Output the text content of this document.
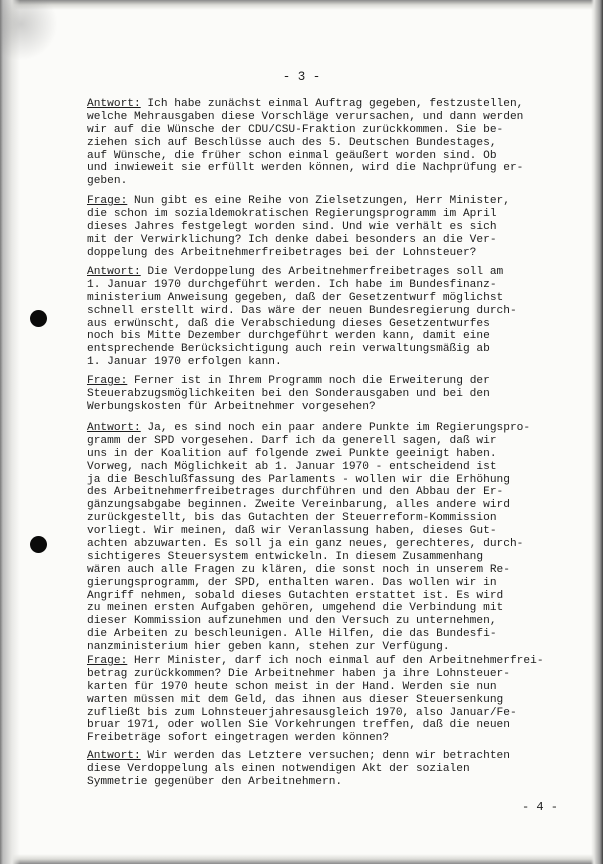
- 3 -
Antwort: Ich habe zunächst einmal Auftrag gegeben, festzustellen,
welche Mehrausgaben diese Vorschläge verursachen, und dann werden
wir auf die Wünsche der CDU/CSU-Fraktion zurückkommen. Sie be-
ziehen sich auf Beschlüsse auch des 5. Deutschen Bundestages,
auf Wünsche, die früher schon einmal geäußert worden sind. Ob
und inwieweit sie erfüllt werden können, wird die Nachprüfung er-
geben.
Frage: Nun gibt es eine Reihe von Zielsetzungen, Herr Minister,
die schon im sozialdemokratischen Regierungsprogramm im April
dieses Jahres festgelegt worden sind. Und wie verhält es sich
mit der Verwirklichung? Ich denke dabei besonders an die Ver-
doppelung des Arbeitnehmerfreibetrages bei der Lohnsteuer?
Antwort: Die Verdoppelung des Arbeitnehmerfreibetrages soll am
1. Januar 1970 durchgeführt werden. Ich habe im Bundesfinanz-
ministerium Anweisung gegeben, daß der Gesetzentwurf möglichst
schnell erstellt wird. Das wäre der neuen Bundesregierung durch-
aus erwünscht, daß die Verabschiedung dieses Gesetzentwurfes
noch bis Mitte Dezember durchgeführt werden kann, damit eine
entsprechende Berücksichtigung auch rein verwaltungsmäßig ab
1. Januar 1970 erfolgen kann.
Frage: Ferner ist in Ihrem Programm noch die Erweiterung der
Steuerabzugsmöglichkeiten bei den Sonderausgaben und bei den
Werbungskosten für Arbeitnehmer vorgesehen?
Antwort: Ja, es sind noch ein paar andere Punkte im Regierungspro-
gramm der SPD vorgesehen. Darf ich da generell sagen, daß wir
uns in der Koalition auf folgende zwei Punkte geeinigt haben.
Vorweg, nach Möglichkeit ab 1. Januar 1970 - entscheidend ist
ja die Beschlußfassung des Parlaments - wollen wir die Erhöhung
des Arbeitnehmerfreibetrages durchführen und den Abbau der Er-
gänzungsabgabe beginnen. Zweite Vereinbarung, alles andere wird
zurückgestellt, bis das Gutachten der Steuerreform-Kommission
vorliegt. Wir meinen, daß wir Veranlassung haben, dieses Gut-
achten abzuwarten. Es soll ja ein ganz neues, gerechteres, durch-
sichtigeres Steuersystem entwickeln. In diesem Zusammenhang
wären auch alle Fragen zu klären, die sonst noch in unserem Re-
gierungsprogramm, der SPD, enthalten waren. Das wollen wir in
Angriff nehmen, sobald dieses Gutachten erstattet ist. Es wird
zu meinen ersten Aufgaben gehören, umgehend die Verbindung mit
dieser Kommission aufzunehmen und den Versuch zu unternehmen,
die Arbeiten zu beschleunigen. Alle Hilfen, die das Bundesfi-
nanzministerium hier geben kann, stehen zur Verfügung.
Frage: Herr Minister, darf ich noch einmal auf den Arbeitnehmerfrei-
betrag zurückkommen? Die Arbeitnehmer haben ja ihre Lohnsteuer-
karten für 1970 heute schon meist in der Hand. Werden sie nun
warten müssen mit dem Geld, das ihnen aus dieser Steuersenkung
zufließt bis zum Lohnsteuerjahresausgleich 1970, also Januar/Fe-
bruar 1971, oder wollen Sie Vorkehrungen treffen, daß die neuen
Freibeträge sofort eingetragen werden können?
Antwort: Wir werden das Letztere versuchen; denn wir betrachten
diese Verdoppelung als einen notwendigen Akt der sozialen
Symmetrie gegenüber den Arbeitnehmern.
- 4 -
